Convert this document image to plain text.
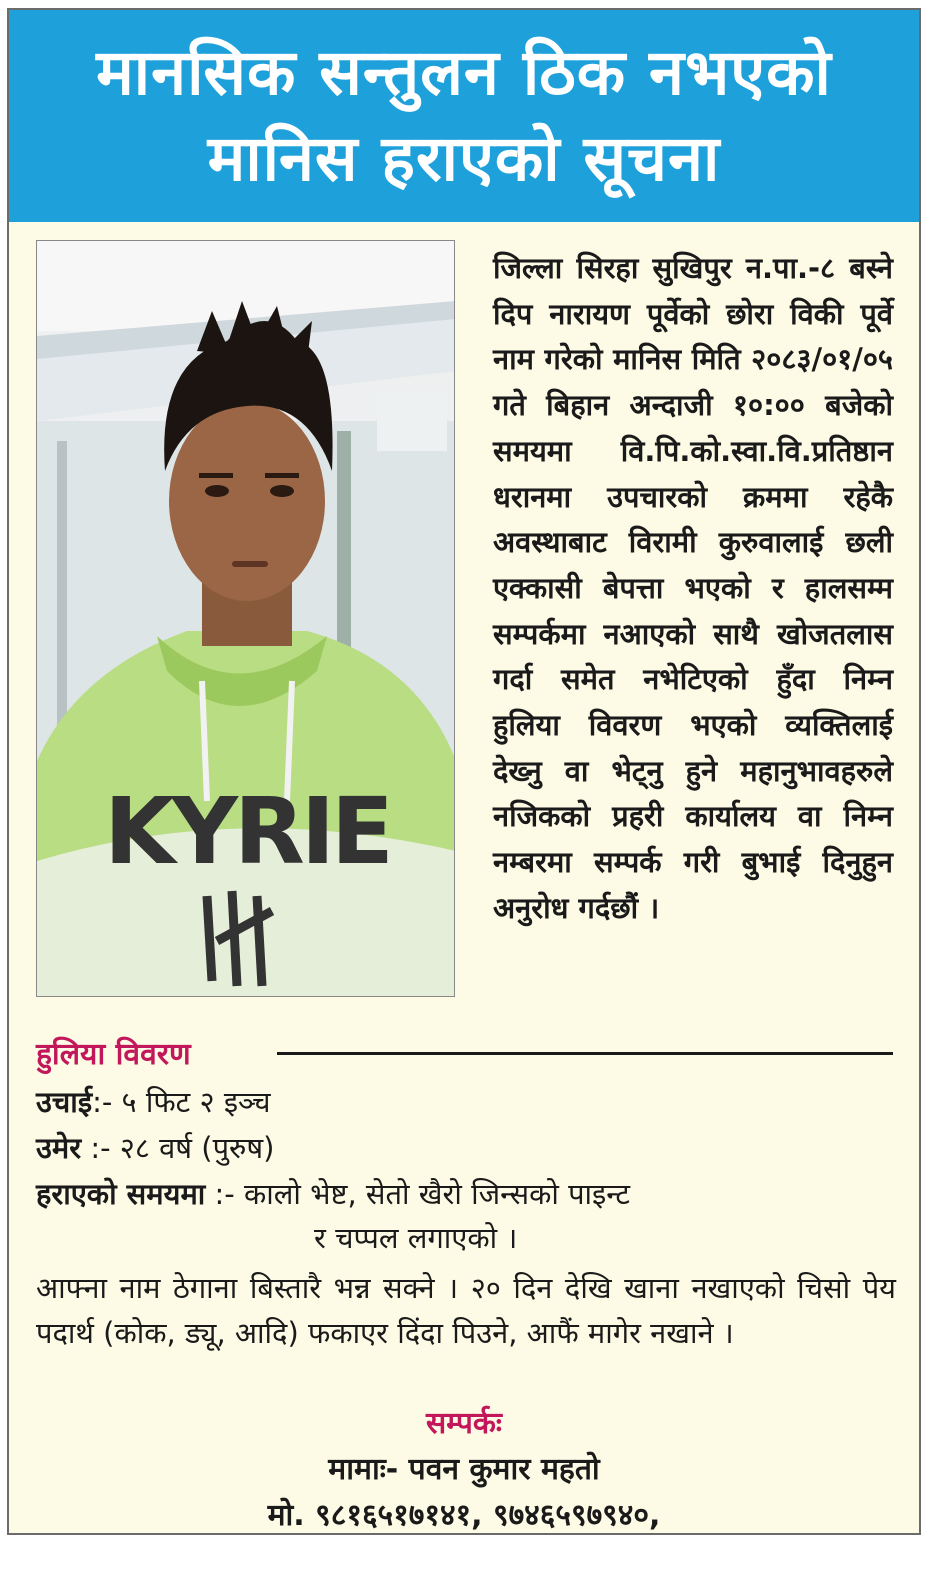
मानसिक सन्तुलन ठिक नभएको
मानिस हराएको सूचना
KYRIE
जिल्ला सिरहा सुखिपुर न.पा.-८ बस्ने दिप नारायण पूर्वेको छोरा विकी पूर्वे नाम गरेको मानिस मिति २०८३/०१/०५ गते बिहान अन्दाजी १०:०० बजेको समयमा वि.पि.को.स्वा.वि.प्रतिष्ठान धरानमा उपचारको क्रममा रहेकै अवस्थाबाट विरामी कुरुवालाई छली एक्कासी बेपत्ता भएको र हालसम्म सम्पर्कमा नआएको साथै खोजतलास गर्दा समेत नभेटिएको हुँदा निम्न हुलिया विवरण भएको व्यक्तिलाई देख्नु वा भेट्नु हुने महानुभावहरुले नजिकको प्रहरी कार्यालय वा निम्न नम्बरमा सम्पर्क गरी बुभाई दिनुहुन अनुरोध गर्दछौं ।
हुलिया विवरण
उचाई:- ५ फिट २ इञ्च
उमेर :- २८ वर्ष (पुरुष)
हराएको समयमा :- कालो भेष्ट, सेतो खैरो जिन्सको पाइन्ट
र चप्पल लगाएको ।
आफ्ना नाम ठेगाना बिस्तारै भन्न सक्ने । २० दिन देखि खाना नखाएको चिसो पेय पदार्थ (कोक, ड्यू, आदि) फकाएर दिंदा पिउने, आफैं मागेर नखाने ।
सम्पर्कः
मामाः- पवन कुमार महतो
मो. ९८१६५१७१४१, ९७४६५९७९४०,
